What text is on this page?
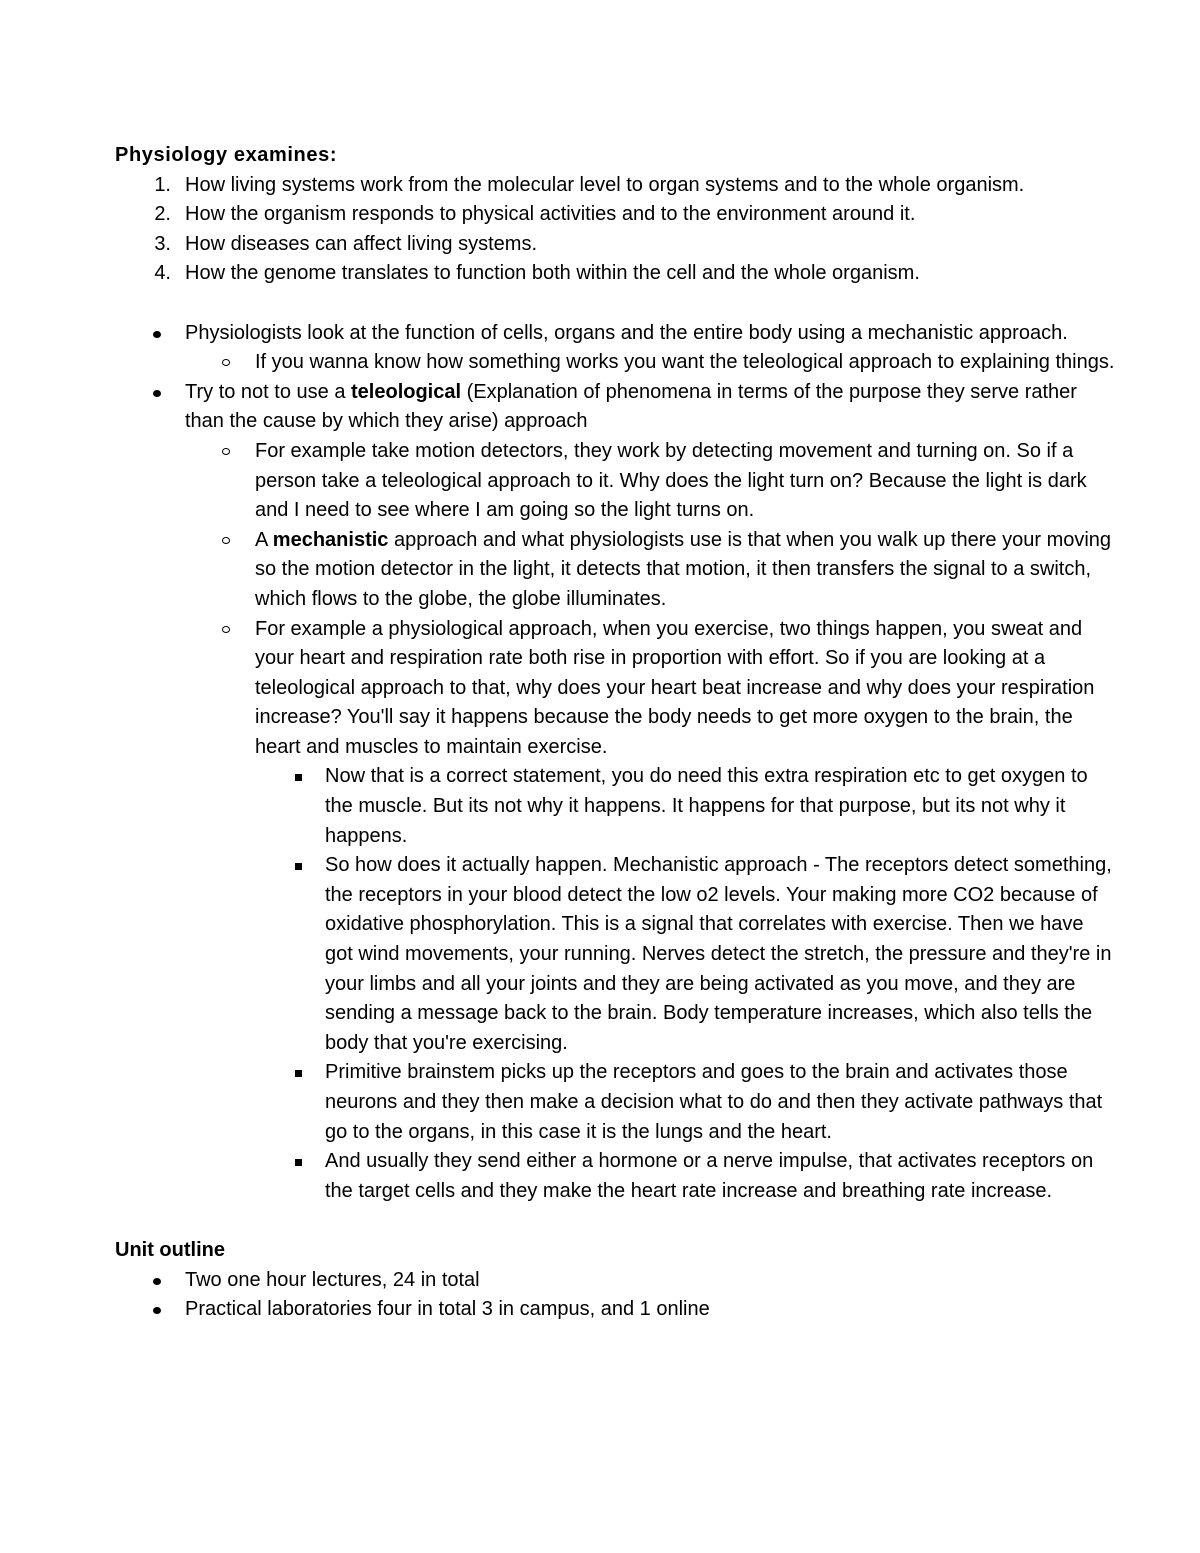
Physiology examines:

1. How living systems work from the molecular level to organ systems and to the whole organism.
2. How the organism responds to physical activities and to the environment around it.
3. How diseases can affect living systems.
4. How the genome translates to function both within the cell and the whole organism.
Physiologists look at the function of cells, organs and the entire body using a mechanistic approach.
If you wanna know how something works you want the teleological approach to explaining things.
Try to not to use a teleological (Explanation of phenomena in terms of the purpose they serve rather than the cause by which they arise) approach
For example take motion detectors, they work by detecting movement and turning on. So if a person take a teleological approach to it. Why does the light turn on? Because the light is dark and I need to see where I am going so the light turns on.
A mechanistic approach and what physiologists use is that when you walk up there your moving so the motion detector in the light, it detects that motion, it then transfers the signal to a switch, which flows to the globe, the globe illuminates.
For example a physiological approach, when you exercise, two things happen, you sweat and your heart and respiration rate both rise in proportion with effort. So if you are looking at a teleological approach to that, why does your heart beat increase and why does your respiration increase? You'll say it happens because the body needs to get more oxygen to the brain, the heart and muscles to maintain exercise.
Now that is a correct statement, you do need this extra respiration etc to get oxygen to the muscle. But its not why it happens. It happens for that purpose, but its not why it happens.
So how does it actually happen. Mechanistic approach - The receptors detect something, the receptors in your blood detect the low o2 levels. Your making more CO2 because of oxidative phosphorylation. This is a signal that correlates with exercise. Then we have got wind movements, your running. Nerves detect the stretch, the pressure and they're in your limbs and all your joints and they are being activated as you move, and they are sending a message back to the brain. Body temperature increases, which also tells the body that you're exercising.
Primitive brainstem picks up the receptors and goes to the brain and activates those neurons and they then make a decision what to do and then they activate pathways that go to the organs, in this case it is the lungs and the heart.
And usually they send either a hormone or a nerve impulse, that activates receptors on the target cells and they make the heart rate increase and breathing rate increase.

Unit outline

Two one hour lectures, 24 in total
Practical laboratories four in total 3 in campus, and 1 online
